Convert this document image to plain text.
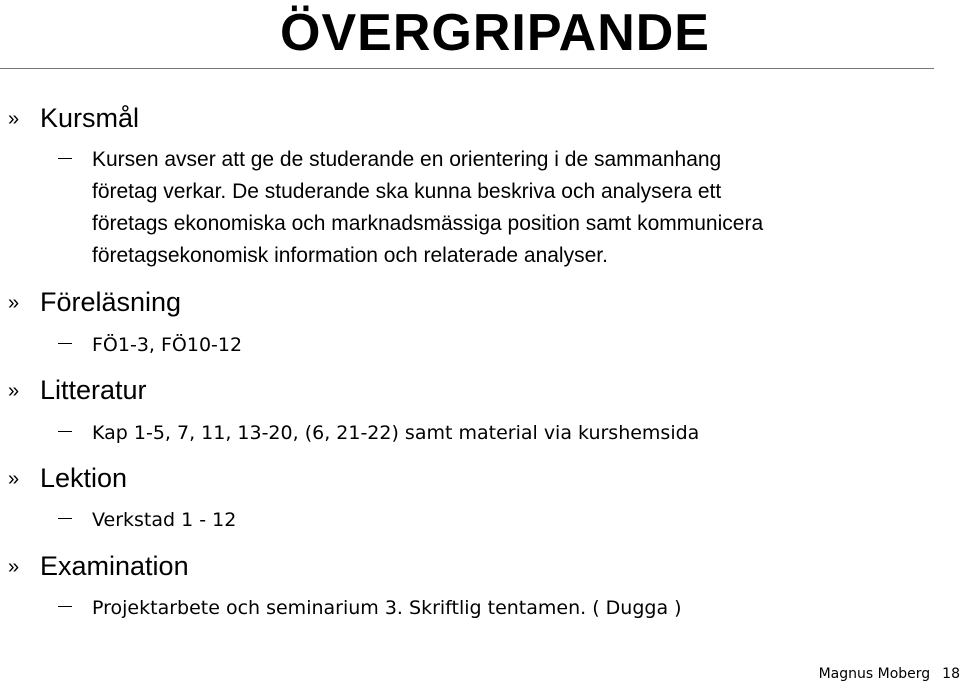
ÖVERGRIPANDE
» Kursmål
Kursen avser att ge de studerande en orientering i de sammanhang
företag verkar. De studerande ska kunna beskriva och analysera ett
företags ekonomiska och marknadsmässiga position samt kommunicera
företagsekonomisk information och relaterade analyser.
» Föreläsning
FÖ1-3, FÖ10-12
» Litteratur
Kap 1-5, 7, 11, 13-20, (6, 21-22) samt material via kurshemsida
» Lektion
Verkstad 1 - 12
» Examination
Projektarbete och seminarium 3. Skriftlig tentamen. ( Dugga )
Magnus Moberg 18
